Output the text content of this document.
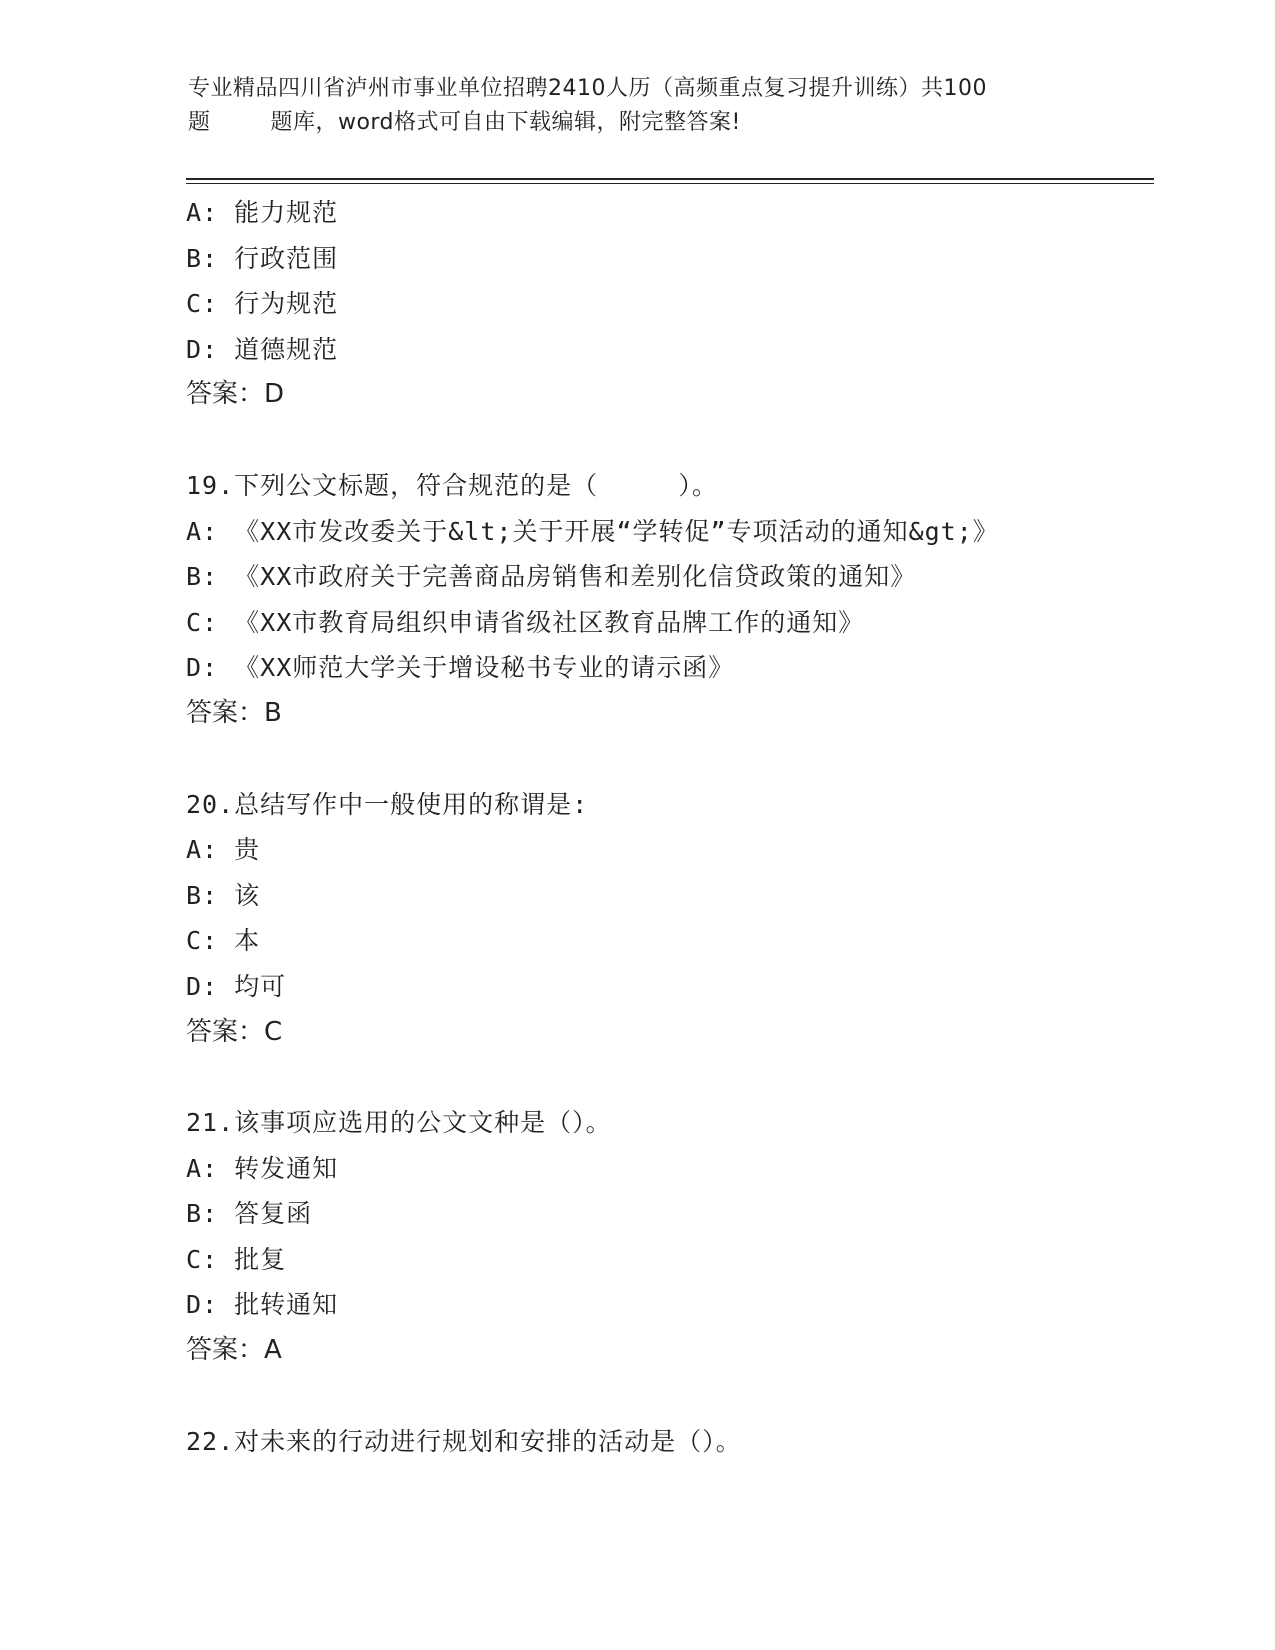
专业精品四川省泸州市事业单位招聘2410人历（高频重点复习提升训练）共100
题        题库，word格式可自由下载编辑，附完整答案!
A: 能力规范
B: 行政范围
C: 行为规范
D: 道德规范
答案：D
19.下列公文标题，符合规范的是（     ）。
A: 《XX市发改委关于&lt;关于开展“学转促”专项活动的通知&gt;》
B: 《XX市政府关于完善商品房销售和差别化信贷政策的通知》
C: 《XX市教育局组织申请省级社区教育品牌工作的通知》
D: 《XX师范大学关于增设秘书专业的请示函》
答案：B
20.总结写作中一般使用的称谓是:
A: 贵
B: 该
C: 本
D: 均可
答案：C
21.该事项应选用的公文文种是（）。
A: 转发通知
B: 答复函
C: 批复
D: 批转通知
答案：A
22.对未来的行动进行规划和安排的活动是（）。
